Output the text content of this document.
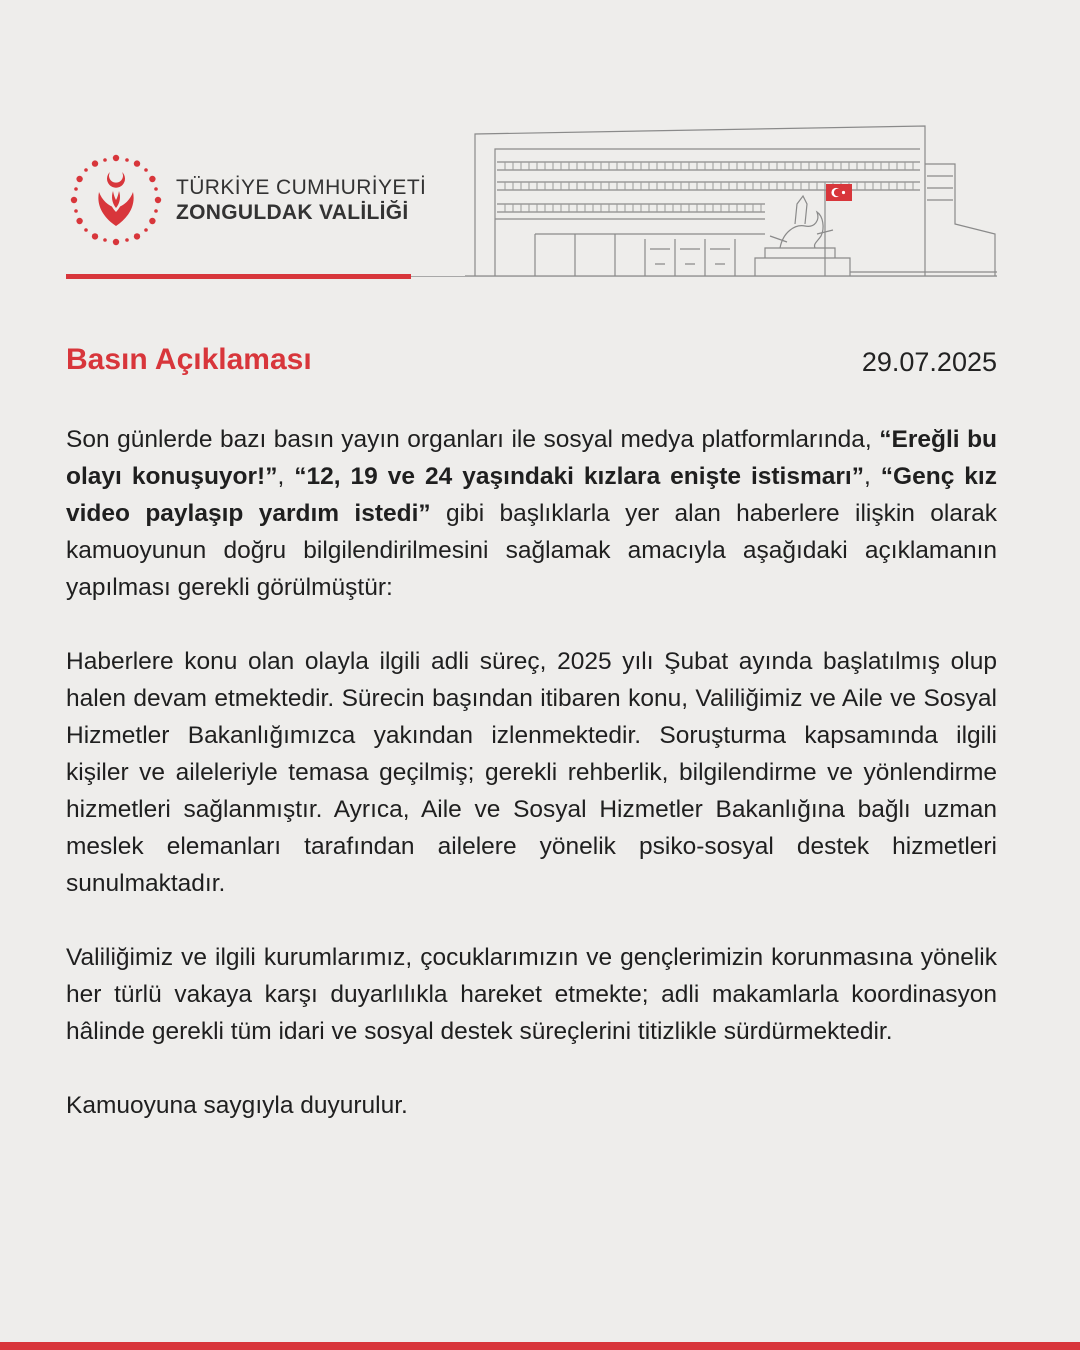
TÜRKİYE CUMHURİYETİ
ZONGULDAK VALİLİĞİ
Basın Açıklaması	29.07.2025

Son günlerde bazı basın yayın organları ile sosyal medya platformlarında, “Ereğli bu olayı konuşuyor!”, “12, 19 ve 24 yaşındaki kızlara enişte istismarı”, “Genç kız video paylaşıp yardım istedi” gibi başlıklarla yer alan haberlere ilişkin olarak kamuoyunun doğru bilgilendirilmesini sağlamak amacıyla aşağıdaki açıklamanın yapılması gerekli görülmüştür:

Haberlere konu olan olayla ilgili adli süreç, 2025 yılı Şubat ayında başlatılmış olup halen devam etmektedir. Sürecin başından itibaren konu, Valiliğimiz ve Aile ve Sosyal Hizmetler Bakanlığımızca yakından izlenmektedir. Soruşturma kapsamında ilgili kişiler ve aileleriyle temasa geçilmiş; gerekli rehberlik, bilgilendirme ve yönlendirme hizmetleri sağlanmıştır. Ayrıca, Aile ve Sosyal Hizmetler Bakanlığına bağlı uzman meslek elemanları tarafından ailelere yönelik psiko-sosyal destek hizmetleri sunulmaktadır.

Valiliğimiz ve ilgili kurumlarımız, çocuklarımızın ve gençlerimizin korunmasına yönelik her türlü vakaya karşı duyarlılıkla hareket etmekte; adli makamlarla koordinasyon hâlinde gerekli tüm idari ve sosyal destek süreçlerini titizlikle sürdürmektedir.

Kamuoyuna saygıyla duyurulur.
